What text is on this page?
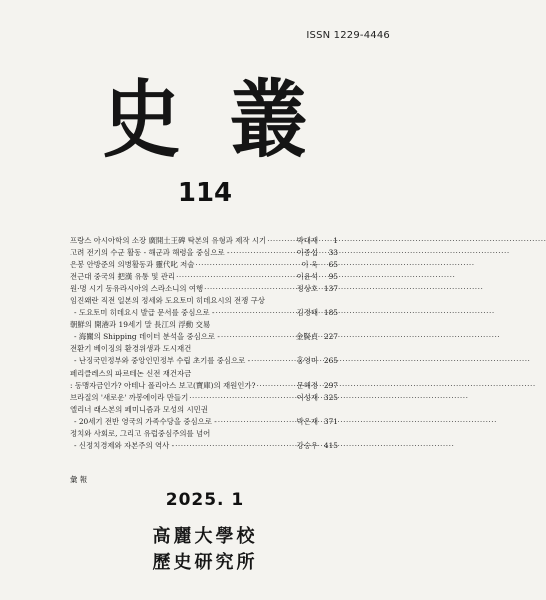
ISSN 1229-4446
史 叢
114
프랑스 아시아학의 소장 廣開土王碑 탁본의 유형과 제작 시기 ·····	박대재	1
고려 전기의 수군 활동 - 해군과 해령을 중심으로 - ·····	이종섭	33
은봉 안방준의 의병활동과 靈代叱 저술 ·····	이 욱	65
전근대 중국의 把漢 유통 및 관리 ·····	이윤석	95
원·명 시기 동유라시아의 스라소니의 여행 ·····	정상호 137
임진왜란 직전 일본의 정세와 도요토미 히데요시의 전쟁 구상
- 도요토미 히데요시 발급 문서를 중심으로 - ·····	김경태 185
朝鮮의 開港과 19세기 말 長江의 浮動 交易
- 海關의 Shipping 데이터 분석을 중심으로 - ·····	金賢貞 227
전환기 베이징의 환경위생과 도시재건
- 난징국민정부와 중앙인민정부 수립 초기를 중심으로 - ·····	홍영미 265
페리클레스의 파르테논 신전 재건자금
: 동맹자금인가? 아테나 폴리아스 보고(寶庫)의 재원인가? ·····	문혜경 297
브라질의 '새로운' 까봉에이라 만들기 ·····	이성재 325
엘리너 래스본의 페미니즘과 모성의 시민권
- 20세기 전반 영국의 가족수당을 중심으로 - ·····	박은재 371
정치와 사회로, 그리고 유럽중심주의를 넘어
- 신정치경제와 자본주의 역사 - ·····	강승우 415
彙 報
2025. 1
高麗大學校
歷史研究所
